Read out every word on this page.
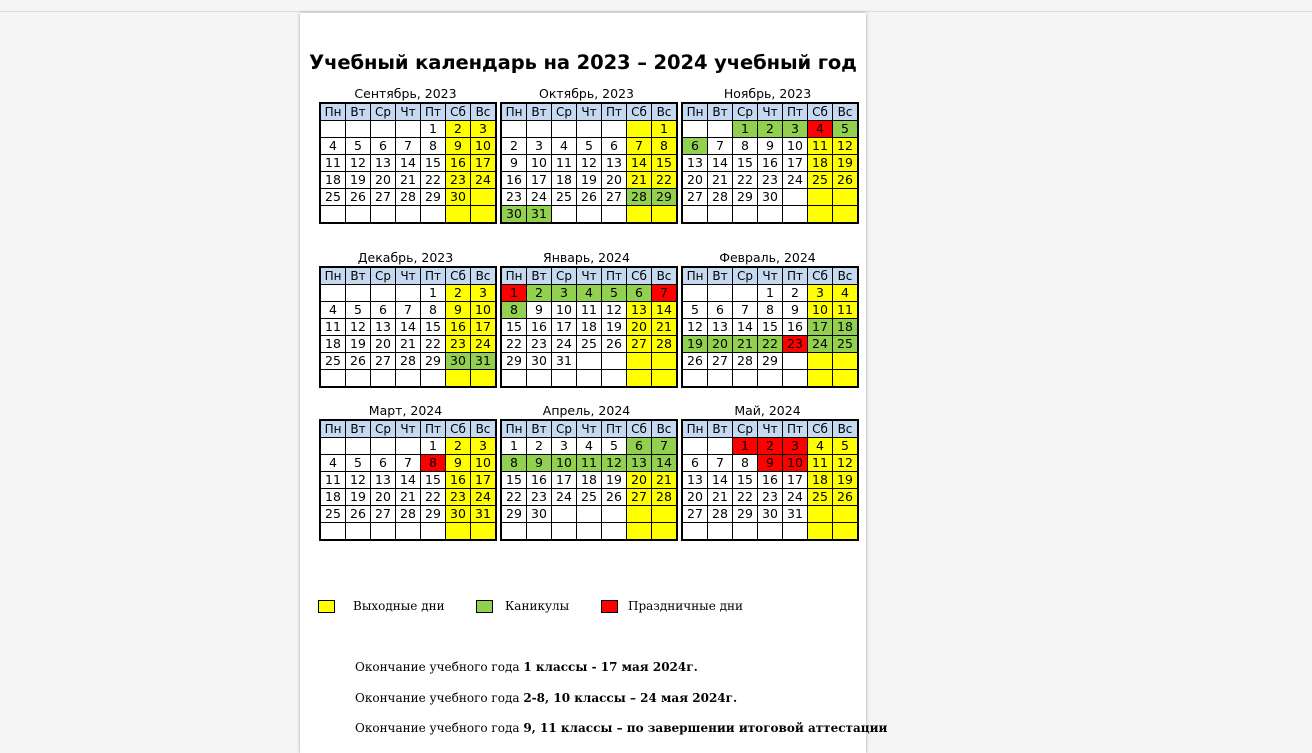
Учебный календарь на 2023 – 2024 учебный год
Сентябрь, 2023
Пн	Вт	Ср	Чт	Пт	Сб	Вс
				1	2	3
4	5	6	7	8	9	10
11	12	13	14	15	16	17
18	19	20	21	22	23	24
25	26	27	28	29	30	

Октябрь, 2023
Пн	Вт	Ср	Чт	Пт	Сб	Вс
						1
2	3	4	5	6	7	8
9	10	11	12	13	14	15
16	17	18	19	20	21	22
23	24	25	26	27	28	29
30	31					
Ноябрь, 2023
Пн	Вт	Ср	Чт	Пт	Сб	Вс
		1	2	3	4	5
6	7	8	9	10	11	12
13	14	15	16	17	18	19
20	21	22	23	24	25	26
27	28	29	30			

Декабрь, 2023
Пн	Вт	Ср	Чт	Пт	Сб	Вс
				1	2	3
4	5	6	7	8	9	10
11	12	13	14	15	16	17
18	19	20	21	22	23	24
25	26	27	28	29	30	31

Январь, 2024
Пн	Вт	Ср	Чт	Пт	Сб	Вс
1	2	3	4	5	6	7
8	9	10	11	12	13	14
15	16	17	18	19	20	21
22	23	24	25	26	27	28
29	30	31				

Февраль, 2024
Пн	Вт	Ср	Чт	Пт	Сб	Вс
			1	2	3	4
5	6	7	8	9	10	11
12	13	14	15	16	17	18
19	20	21	22	23	24	25
26	27	28	29			

Март, 2024
Пн	Вт	Ср	Чт	Пт	Сб	Вс
				1	2	3
4	5	6	7	8	9	10
11	12	13	14	15	16	17
18	19	20	21	22	23	24
25	26	27	28	29	30	31

Апрель, 2024
Пн	Вт	Ср	Чт	Пт	Сб	Вс
1	2	3	4	5	6	7
8	9	10	11	12	13	14
15	16	17	18	19	20	21
22	23	24	25	26	27	28
29	30					

Май, 2024
Пн	Вт	Ср	Чт	Пт	Сб	Вс
		1	2	3	4	5
6	7	8	9	10	11	12
13	14	15	16	17	18	19
20	21	22	23	24	25	26
27	28	29	30	31		

Выходные дни	Каникулы	Праздничные дни
Окончание учебного года 1 классы - 17 мая 2024г.
Окончание учебного года 2-8, 10 классы – 24 мая 2024г.
Окончание учебного года 9, 11 классы – по завершении итоговой аттестации
